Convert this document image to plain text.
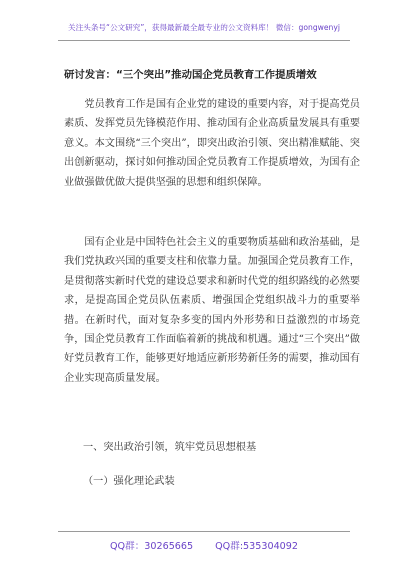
关注头条号“公文研究”，获得最新最全最专业的公文资料库！ 微信：gongwenyj
研讨发言：“三个突出”推动国企党员教育工作提质增效

党员教育工作是国有企业党的建设的重要内容，对于提高党员素质、发挥党员先锋模范作用、推动国有企业高质量发展具有重要意义。本文围绕“三个突出”，即突出政治引领、突出精准赋能、突出创新驱动，探讨如何推动国企党员教育工作提质增效，为国有企业做强做优做大提供坚强的思想和组织保障。

国有企业是中国特色社会主义的重要物质基础和政治基础，是我们党执政兴国的重要支柱和依靠力量。加强国企党员教育工作，是贯彻落实新时代党的建设总要求和新时代党的组织路线的必然要求，是提高国企党员队伍素质、增强国企党组织战斗力的重要举措。在新时代，面对复杂多变的国内外形势和日益激烈的市场竞争，国企党员教育工作面临着新的挑战和机遇。通过“三个突出”做好党员教育工作，能够更好地适应新形势新任务的需要，推动国有企业实现高质量发展。

一、突出政治引领，筑牢党员思想根基
（一）强化理论武装
QQ群：30265665 QQ群:535304092
